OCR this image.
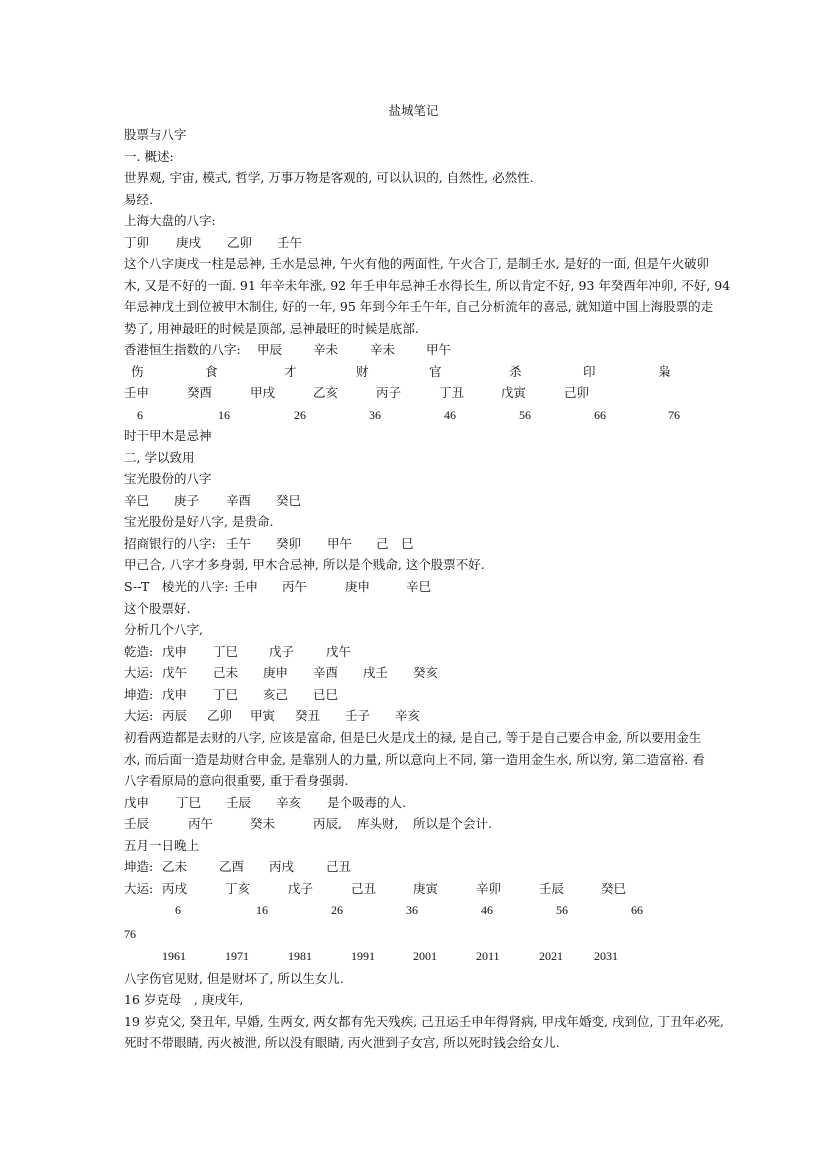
盐城笔记
股票与八字
一. 概述:
世界观, 宇宙, 模式, 哲学, 万事万物是客观的, 可以认识的, 自然性, 必然性.
易经.
上海大盘的八字:
丁卯 庚戌 乙卯 壬午
这个八字庚戌一柱是忌神, 壬水是忌神, 午火有他的两面性, 午火合丁, 是制壬水, 是好的一面, 但是午火破卯
木, 又是不好的一面. 91 年辛未年涨, 92 年壬申年忌神壬水得长生, 所以肯定不好, 93 年癸酉年冲卯, 不好, 94
年忌神戊土到位被甲木制住, 好的一年, 95 年到今年壬午年, 自己分析流年的喜忌, 就知道中国上海股票的走
势了, 用神最旺的时候是顶部, 忌神最旺的时候是底部.
香港恒生指数的八字:	甲辰 辛未	辛未 甲午
伤	食	才	财	官	杀	印	枭
壬申	癸酉	甲戌	乙亥	丙子	丁丑	戊寅	己卯
6	16	26	36	46	56	66	76
时干甲木是忌神
二, 学以致用
宝光股份的八字
辛巳 庚子 辛酉 癸巳
宝光股份是好八字, 是贵命.
招商银行的八字: 壬午 癸卯 甲午 己　巳
甲己合, 八字才多身弱, 甲木合忌神, 所以是个贱命, 这个股票不好.
S--T　棱光的八字: 壬申 丙午	庚申	辛巳
这个股票好.
分析几个八字,
乾造: 戊申 丁巳 戊子	戊午
大运: 戊午 己未 庚申 辛酉 戌壬 癸亥
坤造: 戊申 丁巳 亥己 已巳
大运: 丙辰 乙卯 甲寅 癸丑 壬子 辛亥
初看两造都是去财的八字, 应该是富命, 但是巳火是戊土的禄, 是自己, 等于是自己要合申金, 所以要用金生
水, 而后面一造是劫财合申金, 是靠别人的力量, 所以意向上不同, 第一造用金生水, 所以穷, 第二造富裕. 看
八字看原局的意向很重要, 重于看身强弱.
戊申 丁巳 壬辰 辛亥 是个吸毒的人.
壬辰	丙午	癸未	丙辰, 库头财, 所以是个会计.
五月一日晚上
坤造: 乙未	乙酉 丙戌	己丑
大运: 丙戌	丁亥	戊子	己丑	庚寅	辛卯	壬辰	癸巳
6	16	26	36	46	56	66
76
1961	1971	1981	1991	2001	2011	2021	2031
八字伤官见财, 但是财坏了, 所以生女儿.
16 岁克母　, 庚戌年,
19 岁克父, 癸丑年, 早婚, 生两女, 两女都有先天残疾, 己丑运壬申年得肾病, 甲戌年婚变, 戌到位, 丁丑年必死,
死时不带眼睛, 丙火被泄, 所以没有眼睛, 丙火泄到子女宫, 所以死时钱会给女儿.
